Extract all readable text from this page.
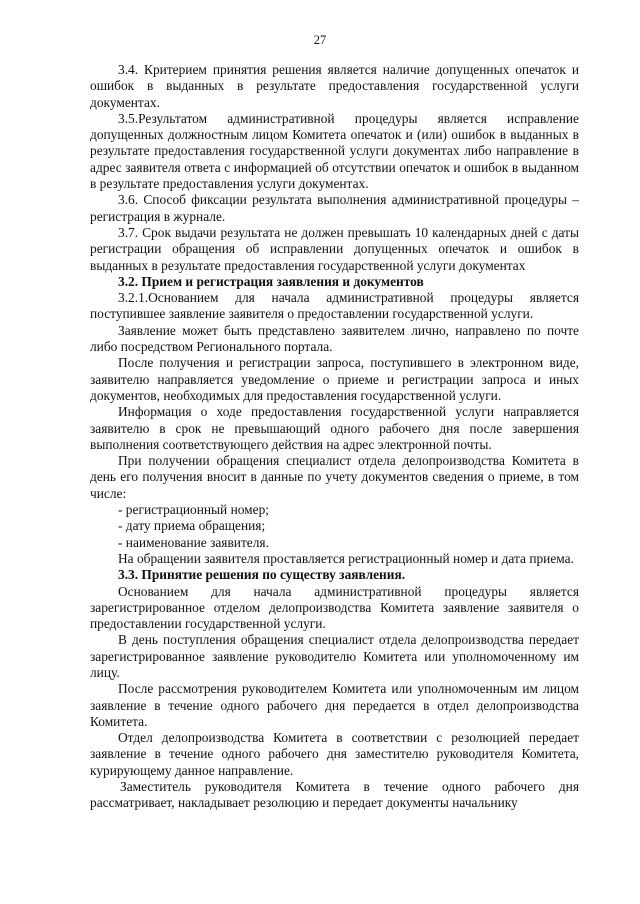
27

3.4. Критерием принятия решения является наличие допущенных опечаток и ошибок в выданных в результате предоставления государственной услуги документах.

3.5.Результатом административной процедуры является исправление допущенных должностным лицом Комитета опечаток и (или) ошибок в выданных в результате предоставления государственной услуги документах либо направление в адрес заявителя ответа с информацией об отсутствии опечаток и ошибок в выданном в результате предоставления услуги документах.

3.6. Способ фиксации результата выполнения административной процедуры – регистрация в журнале.

3.7. Срок выдачи результата не должен превышать 10 календарных дней с даты регистрации обращения об исправлении допущенных опечаток и ошибок в выданных в результате предоставления государственной услуги документах

3.2. Прием и регистрация заявления и документов

3.2.1.Основанием для начала административной процедуры является поступившее заявление заявителя о предоставлении государственной услуги.

Заявление может быть представлено заявителем лично, направлено по почте либо посредством Регионального портала.

После получения и регистрации запроса, поступившего в электронном виде, заявителю направляется уведомление о приеме и регистрации запроса и иных документов, необходимых для предоставления государственной услуги.

Информация о ходе предоставления государственной услуги направляется заявителю в срок не превышающий одного рабочего дня после завершения выполнения соответствующего действия на адрес электронной почты.

При получении обращения специалист отдела делопроизводства Комитета в день его получения вносит в данные по учету документов сведения о приеме, в том числе:

- регистрационный номер;

- дату приема обращения;

- наименование заявителя.

На обращении заявителя проставляется регистрационный номер и дата приема.

3.3. Принятие решения по существу заявления.

Основанием для начала административной процедуры является зарегистрированное отделом делопроизводства Комитета заявление заявителя о предоставлении государственной услуги.

В день поступления обращения специалист отдела делопроизводства передает зарегистрированное заявление руководителю Комитета или уполномоченному им лицу.

После рассмотрения руководителем Комитета или уполномоченным им лицом заявление в течение одного рабочего дня передается в отдел делопроизводства Комитета.

Отдел делопроизводства Комитета в соответствии с резолюцией передает заявление в течение одного рабочего дня заместителю руководителя Комитета, курирующему данное направление.

Заместитель руководителя Комитета в течение одного рабочего дня рассматривает, накладывает резолюцию и передает документы начальнику
